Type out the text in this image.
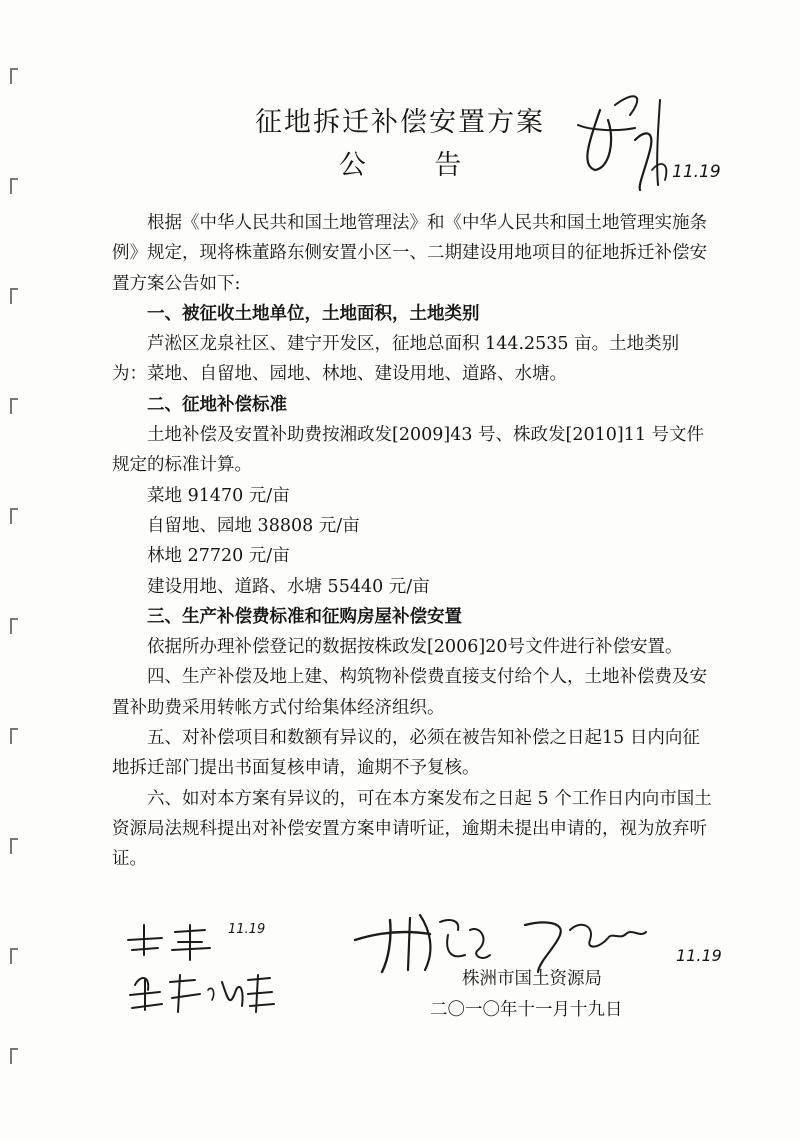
征地拆迁补偿安置方案
公 告

根据《中华人民共和国土地管理法》和《中华人民共和国土地管理实施条例》规定，现将株董路东侧安置小区一、二期建设用地项目的征地拆迁补偿安置方案公告如下:

一、被征收土地单位，土地面积，土地类别

芦淞区龙泉社区、建宁开发区，征地总面积 144.2535 亩。土地类别为：菜地、自留地、园地、林地、建设用地、道路、水塘。

二、征地补偿标准

土地补偿及安置补助费按湘政发[2009]43 号、株政发[2010]11 号文件规定的标准计算。

菜地 91470 元/亩

自留地、园地 38808 元/亩

林地 27720 元/亩

建设用地、道路、水塘 55440 元/亩

三、生产补偿费标准和征购房屋补偿安置

依据所办理补偿登记的数据按株政发[2006]20号文件进行补偿安置。

四、生产补偿及地上建、构筑物补偿费直接支付给个人，土地补偿费及安置补助费采用转帐方式付给集体经济组织。

五、对补偿项目和数额有异议的，必须在被告知补偿之日起15 日内向征地拆迁部门提出书面复核申请，逾期不予复核。

六、如对本方案有异议的，可在本方案发布之日起 5 个工作日内向市国土资源局法规科提出对补偿安置方案申请听证，逾期未提出申请的，视为放弃听证。

株洲市国土资源局
二〇一〇年十一月十九日
11.19
11.19
11.19
